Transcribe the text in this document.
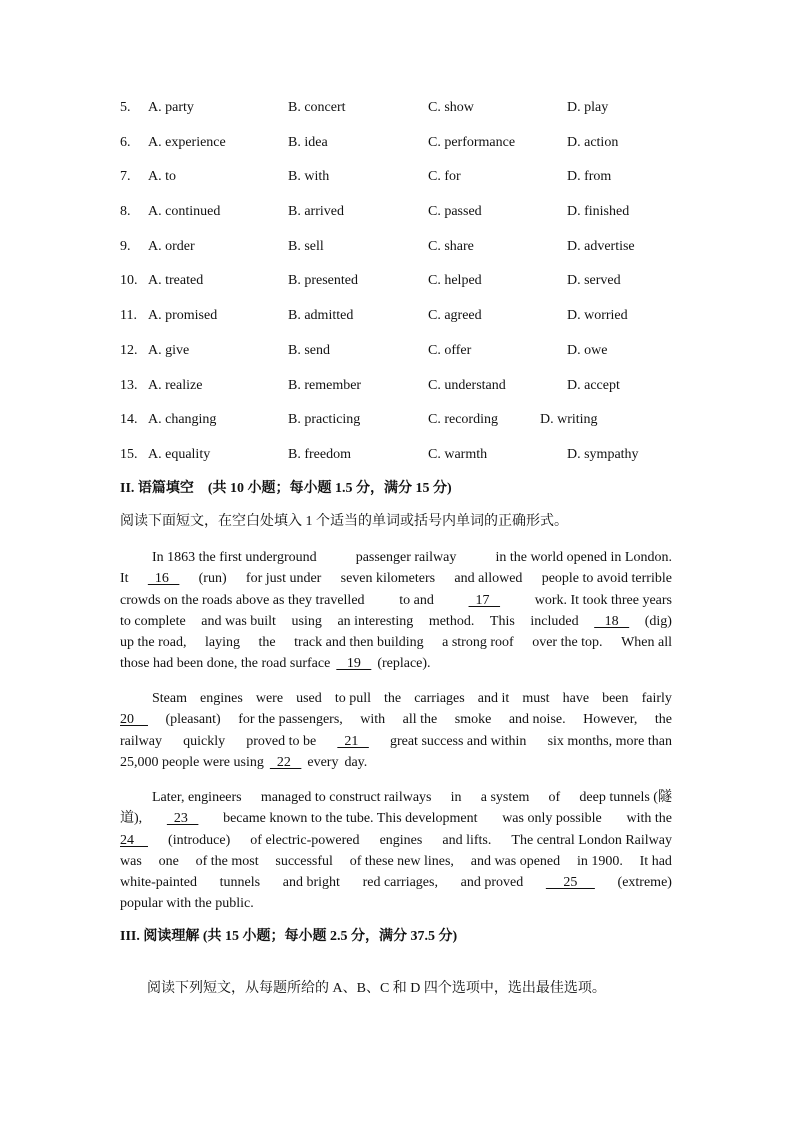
5. A. party	B. concert	C. show	D. play
6. A. experience	B. idea	C. performance	D. action
7. A. to	B. with	C. for	D. from
8. A. continued	B. arrived	C. passed	D. finished
9. A. order	B. sell	C. share	D. advertise
10. A. treated	B. presented	C. helped	D. served
11. A. promised	B. admitted	C. agreed	D. worried
12. A. give	B. send	C. offer	D. owe
13. A. realize	B. remember	C. understand	D. accept
14. A. changing	B. practicing	C. recording	D. writing
15. A. equality	B. freedom	C. warmth	D. sympathy
II. 语篇填空　(共 10 小题；每小题 1.5 分，满分 15 分)
阅读下面短文，在空白处填入 1 个适当的单词或括号内单词的正确形式。
In 1863 the first underground	passenger railway	in the world opened in London.
It 16 (run) for just under seven kilometers and allowed people to avoid terrible
crowds on the roads above as they travelled to and 17 work. It took three years
to complete and was built using an interesting method. This included 18 (dig)
up the road, laying the track and then building a strong roof over the top. When all
those had been done, the road surface 19 (replace).
Steam engines were used to pull the carriages and it must have been fairly
20 (pleasant) for the passengers, with all the smoke and noise. However, the
railway quickly proved to be 21 great success and within six months, more than
25,000 people were using 22 every day.
Later, engineers managed to construct railways in a system of deep tunnels (隧
道), 23 became known to the tube. This development was only possible with the
24 (introduce) of electric-powered engines and lifts. The central London Railway
was one of the most successful of these new lines, and was opened in 1900. It had
white-painted tunnels and bright red carriages, and proved 25 (extreme)
popular with the public.
III. 阅读理解 (共 15 小题；每小题 2.5 分，满分 37.5 分)
阅读下列短文，从每题所给的 A、B、C 和 D 四个选项中，选出最佳选项。
